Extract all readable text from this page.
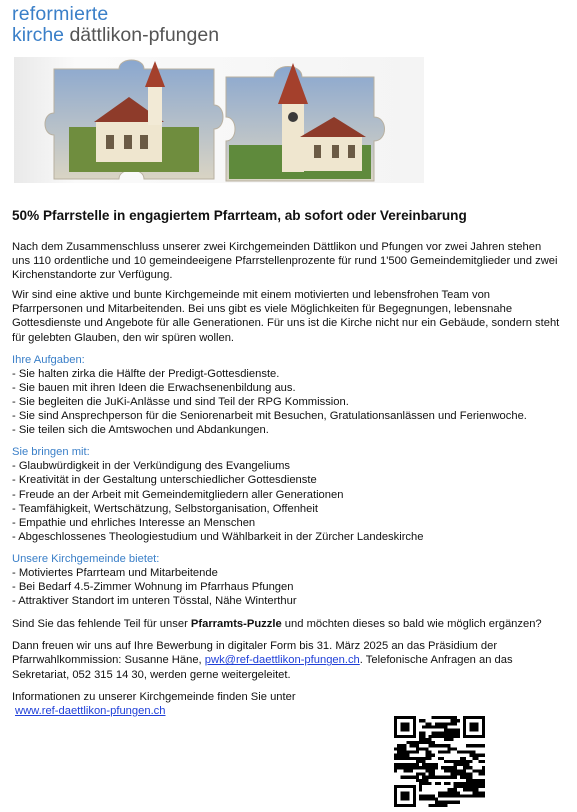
reformierte
kirche dättlikon-pfungen
50% Pfarrstelle in engagiertem Pfarrteam, ab sofort oder Vereinbarung

Nach dem Zusammenschluss unserer zwei Kirchgemeinden Dättlikon und Pfungen vor zwei Jahren stehen uns 110 ordentliche und 10 gemeindeeigene Pfarrstellenprozente für rund 1'500 Gemeindemitglieder und zwei Kirchenstandorte zur Verfügung.

Wir sind eine aktive und bunte Kirchgemeinde mit einem motivierten und lebensfrohen Team von Pfarrpersonen und Mitarbeitenden. Bei uns gibt es viele Möglichkeiten für Begegnungen, lebensnahe Gottesdienste und Angebote für alle Generationen. Für uns ist die Kirche nicht nur ein Gebäude, sondern steht für gelebten Glauben, den wir spüren wollen.

Ihre Aufgaben:
- Sie halten zirka die Hälfte der Predigt-Gottesdienste.
- Sie bauen mit ihren Ideen die Erwachsenenbildung aus.
- Sie begleiten die JuKi-Anlässe und sind Teil der RPG Kommission.
- Sie sind Ansprechperson für die Seniorenarbeit mit Besuchen, Gratulationsanlässen und Ferienwoche.
- Sie teilen sich die Amtswochen und Abdankungen.
Sie bringen mit:
- Glaubwürdigkeit in der Verkündigung des Evangeliums
- Kreativität in der Gestaltung unterschiedlicher Gottesdienste
- Freude an der Arbeit mit Gemeindemitgliedern aller Generationen
- Teamfähigkeit, Wertschätzung, Selbstorganisation, Offenheit
- Empathie und ehrliches Interesse an Menschen
- Abgeschlossenes Theologiestudium und Wählbarkeit in der Zürcher Landeskirche
Unsere Kirchgemeinde bietet:
- Motiviertes Pfarrteam und Mitarbeitende
- Bei Bedarf 4.5-Zimmer Wohnung im Pfarrhaus Pfungen
- Attraktiver Standort im unteren Tösstal, Nähe Winterthur

Sind Sie das fehlende Teil für unser Pfarramts-Puzzle und möchten dieses so bald wie möglich ergänzen?

Dann freuen wir uns auf Ihre Bewerbung in digitaler Form bis 31. März 2025 an das Präsidium der Pfarrwahlkommission: Susanne Häne, pwk@ref-daettlikon-pfungen.ch. Telefonische Anfragen an das Sekretariat, 052 315 14 30, werden gerne weitergeleitet.

Informationen zu unserer Kirchgemeinde finden Sie unter
www.ref-daettlikon-pfungen.ch
